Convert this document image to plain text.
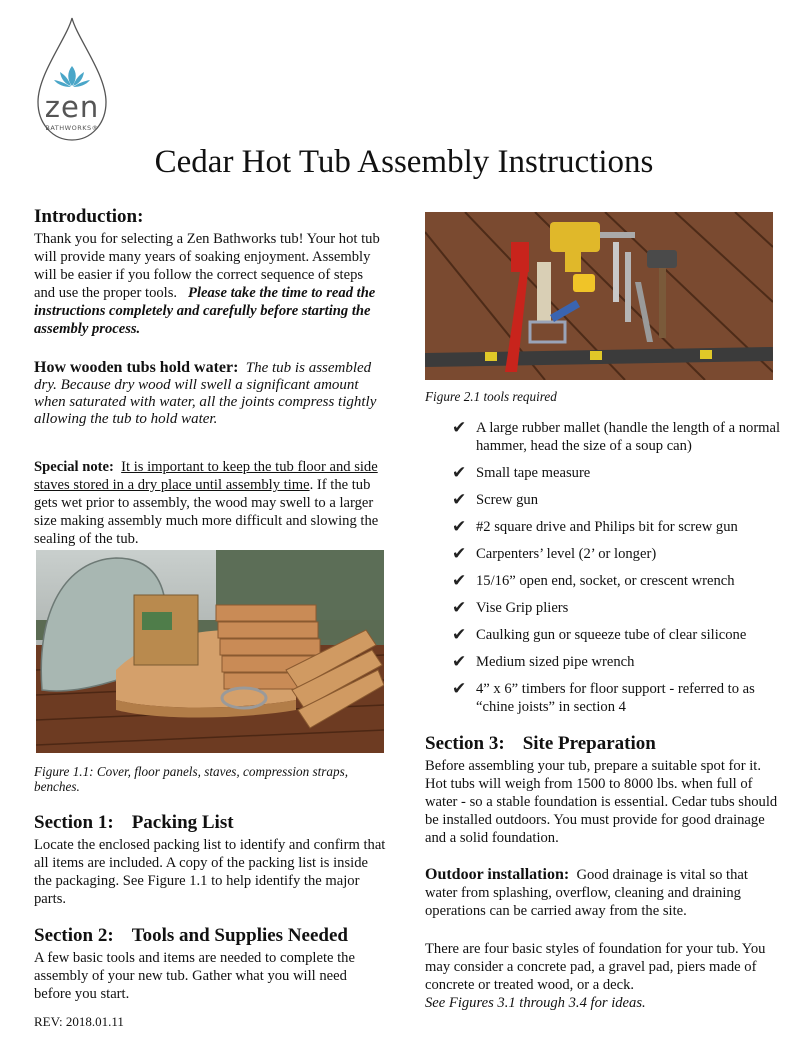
zen
BATHWORKS®
Cedar Hot Tub Assembly Instructions
Introduction:

Thank you for selecting a Zen Bathworks tub! Your hot tub will provide many years of soaking enjoyment. Assembly will be easier if you follow the correct sequence of steps and use the proper tools. Please take the time to read the instructions completely and carefully before starting the assembly process.

How wooden tubs hold water: The tub is assembled dry. Because dry wood will swell a significant amount when saturated with water, all the joints compress tightly allowing the tub to hold water.

Special note: It is important to keep the tub floor and side staves stored in a dry place until assembly time. If the tub gets wet prior to assembly, the wood may swell to a larger size making assembly much more difficult and slowing the sealing of the tub.

Figure 1.1: Cover, floor panels, staves, compression straps, benches.

Section 1: Packing List

Locate the enclosed packing list to identify and confirm that all items are included. A copy of the packing list is inside the packaging. See Figure 1.1 to help identify the major parts.

Section 2: Tools and Supplies Needed

A few basic tools and items are needed to complete the assembly of your new tub. Gather what you will need before you start.

REV: 2018.01.11

Figure 2.1 tools required

✔ A large rubber mallet (handle the length of a normal hammer, head the size of a soup can)
✔ Small tape measure
✔ Screw gun
✔ #2 square drive and Philips bit for screw gun
✔ Carpenters’ level (2’ or longer)
✔ 15/16” open end, socket, or crescent wrench
✔ Vise Grip pliers
✔ Caulking gun or squeeze tube of clear silicone
✔ Medium sized pipe wrench
✔ 4” x 6” timbers for floor support - referred to as “chine joists” in section 4
Section 3: Site Preparation

Before assembling your tub, prepare a suitable spot for it. Hot tubs will weigh from 1500 to 8000 lbs. when full of water - so a stable foundation is essential. Cedar tubs should be installed outdoors. You must provide for good drainage and a solid foundation.

Outdoor installation: Good drainage is vital so that water from splashing, overflow, cleaning and draining operations can be carried away from the site.

There are four basic styles of foundation for your tub. You may consider a concrete pad, a gravel pad, piers made of concrete or treated wood, or a deck.

See Figures 3.1 through 3.4 for ideas.
